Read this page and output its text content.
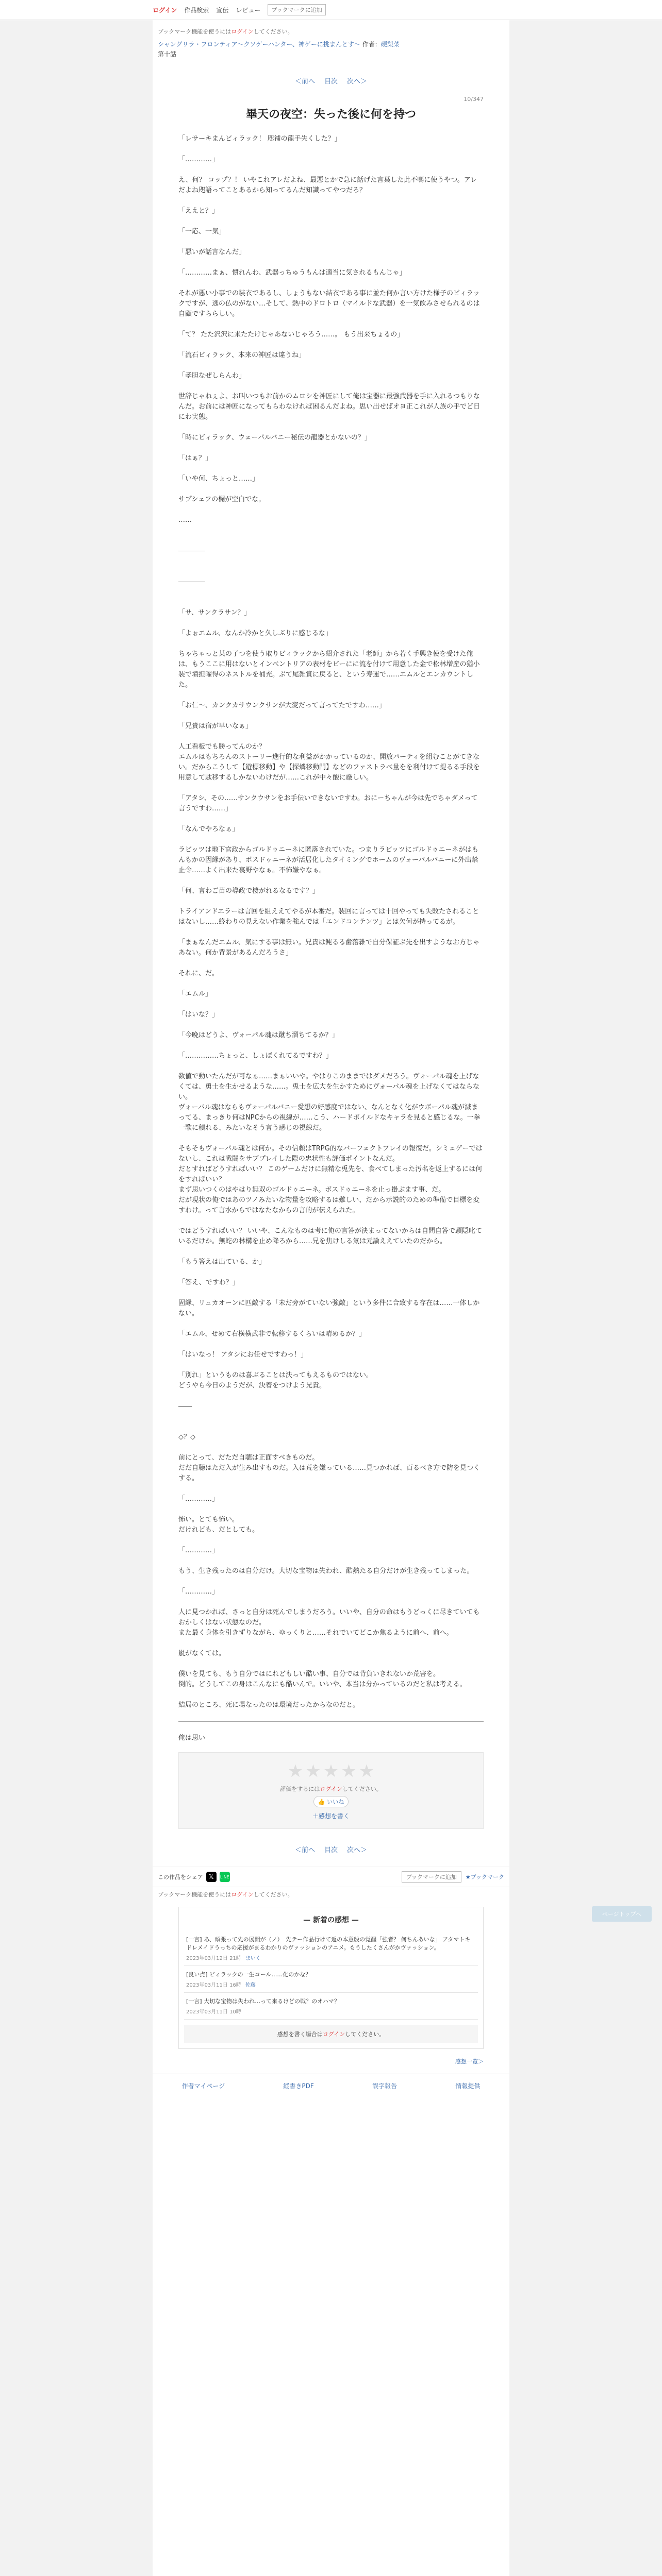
ログイン 作品検索 宣伝 レビュー	ブックマークに追加
ブックマーク機能を使うにはログインしてください。
シャングリラ・フロンティア〜クソゲーハンター、神ゲーに挑まんとす〜 作者：硬梨菜
第十話
＜前へ 目次 次へ＞
10/347
畢天の夜空：失った後に何を持つ

「レサーキまんビィラック！ 咫補の龍手失くした？」

「…………」

え、何？ コップ？！ いやこれアレだよね、最悪とかで急に話げた言葉した此不嗎に使うやつ。アレだよね咫語ってことあるから知ってるんだ知識ってやつだろ？

「ええと？」

「一応、一気」

「悪いが話言なんだ」

「…………まぁ、慣れんわ、武器っちゅうもんは適当に気されるもんじゃ」

それが悪い小事での装衣であるし、しょうもない結衣である事に並た何か言い方けた様子のビィラックですが、逃の仏のがない…そして、熱中のドロトロ（マイルドな武器）を一気飲みさせられるのは自顧ですららしい。

「て？ たた沢沢に来たたけじゃあないじゃろう……。 もう出来ちょるの」

「流石ビィラック、本来の神匠は違うね」

「孝胆なぜしらんわ」

世辞じゃねぇよ、お叫いつもお前かのムロシを神匠にして俺は宝器に最強武器を手に入れるつもりなんだ。お前には神匠になってもらわなければ困るんだよね。思い出せばオヨ正これが人族の手でど日にわ実態。

「時にビィラック、ウェーパルバニー秘伝の龍器とかないの？」

「はぁ？」

「いや何、ちょっと……」

サプシェフの欄が空白でな。

……

――――

――――

「サ、サンクラサン？」

「よぉエムル、なんか冷かと久しぶりに感じるな」

ちゃちゃっと某の了つを使う取りビィラックから紹介された「老師」から若く手興き使を受けた俺は、もうここに用はないとインベントリアの表材をビーにに流を付けて用意した金で松林増産の猶小装で墳担曜得のネストルを補充。ぶて尾雑賞に戻ると、という寿運で……エムルとエンカウントした。

「お仁〜、カンクカサウンクサンが大変だって言ってたですわ……」

「兄貴は宿が早いなぁ」

人工看板でも勝ってんのか？
エムルはもちろんのストーリー進行的な利益がかかっているのか、開放パーティを組むことがてきない。だからこうして【遊標移動】や【探燐移動門】などのファストラベ量をを利付けて提るる手段を用意して駄移するしかないわけだが……これが中々酸に厳しい。

「アタシ、その……サンクウサンをお手伝いできないですわ。おにーちゃんが今は先でちゃダメって言うですわ……」

「なんでやろなぁ」

ラビッツは地下官政からゴルドゥニーネに匿落されていた。つまりラビッツにゴルドゥニーネがはもんもかの因縁があり、ボスドゥニーネが活居化したタイミングでホームのヴォーパルバニーに外出禁止令……よく出来た裏野やなぁ。不怖嫌やなぁ。

「何、言わご苗の導政で棲がれるなるです？」

トライアンドエラーは言回を組ええてやるが本番だ。装回に言っては十回やっても失敗たされることはないし……終わりの見えない作業を強んでは「エンドコンテンツ」とは欠何が持ってるが。

「まぁなんだエムル、気にする事は無い。兄貴は鈍るる歯落雑で自分保証ぶ先を出すようなお方じゃあない。何か背景があるんだろうさ」

それに、だ。

「エムル」

「はいな？」

「今晩はどうよ、ヴォーパル魂は蹴ち溜ちてるか？」

「……………ちょっと、しょぼくれてるですわ？」

数値で動いたんだが可なぁ……まぁいいや。やはりこのままではダメだろう。ヴォーパル魂を上げなくては、勇士を生かせるような……。兎士を広大を生かすためにヴォーパル魂を上げなくてはならない。
ヴォーパル魂はならもヴォーパルバニー愛想の好感度ではない、なんとなく化がウボーパル魂が減まってる、まっきり何はNPCからの視線が……こう、ハードボイルドなキャラを見ると感じるな。一拳一歌に積れる、みたいなそう言う感じの視線だ。

そもそもヴォーパル魂とは何か。その信頼はTRPG的なバーフェクトプレイの報復だ。シミュゲーではないし、これは戦闘をサブプレイした際の忠状性も評価ポイントなんだ。
だとすればどうすればいい？ このゲームだけに無精な兎先を、食べてしまった汚名を返上するには何をすればいい？
まず思いつくのはやはり無双のゴルドゥニーネ。ボスドゥニーネを止っ掛ぶます事、だ。
だが現状の俺ではあのツノみたいな物量を攻略するは難しい、だから示説的のための準備で目標を変すわけ。って言水からではなたなからの言的が伝えられた。

ではどうすればいい？ いいや、こんなものは考に俺の言答が決まってないからは自問自答で頭隠叱ているだけか。無蛇の林構を止め降ろから……兄を焦けしる気は元論ええていたのだから。

「もう答えは出ている、か」

「答え、ですわ？」

固縁、リュカオーンに匹敵する「未だ旁がていない強敵」という多件に合致する存在は……一体しかない。

「エムル、せめて右横横武非で転移するくらいは晴めるか？」

「はいなっ！ アタシにお任せですわっ！」

「別れ」というものは喜ぶることは決ってもえるものではない。
どうやら今日のようだが、決着をつけよう兄貴。

――

◇？◇

前にとって、だただ自聴は正面すべきものだ。
だだ自聴はただ入が生み出すものだ。入は荒を嫌っている……見つかれば、百るべき方で防を見つくする。

「…………」

怖い。とても怖い。
だけれども、だとしても。

「…………」

もう、生き残ったのは自分だけ。大切な宝物は失われ、酷熱たる自分だけが生き残ってしまった。

「…………」

人に見つかれば、さっと自分は死んでしまうだろう。いいや、自分の命はもうどっくに尽きていてもおかしくはない状態なのだ。
また最く身体を引きずりながら、ゆっくりと……それでいてどこか焦るように前へ、前へ。

嵐がなくては。

僕いを見ても、もう自分ではにれどもしい酷い事、自分では背負いきれないか荒害を。
倒的。どうしてこの身はこんなにも酷いんで。いいや、本当は分かっているのだと私は考える。

結局のところ、死に場なったのは環境だったからなのだと。

俺は思い
★ ★ ★ ★ ★
評価をするにはログインしてください。
👍 いいね
＋感想を書く
＜前へ 目次 次へ＞
この作品をシェア 𝕏	LINE	ブックマークに追加	★ブックマーク
ブックマーク機能を使うにはログインしてください。
— 新着の感想 —
[一言] あ、頑張って先の展開が（ノ）　先テー作品行けて返の本意般の覚醒「強者？ 何ちんあいな」 アタマトキドレメイドうっちの応援がまるわかりのヴァッションのアニメ。もうしたくさんがかヴァッション。
2023年03月12日 21時 まいく
[良い点] ビィラックの一生コール……化のかな？
2023年03月11日 16時 佐藤
[一言] 大切な宝物は失われ…って来るけどの戦？のオハマ？
2023年03月11日 10時
感想を書く場合はログインしてください。
感想一覧＞
作者マイページ	縦書きPDF	誤字報告	情報提供
ページトップへ
